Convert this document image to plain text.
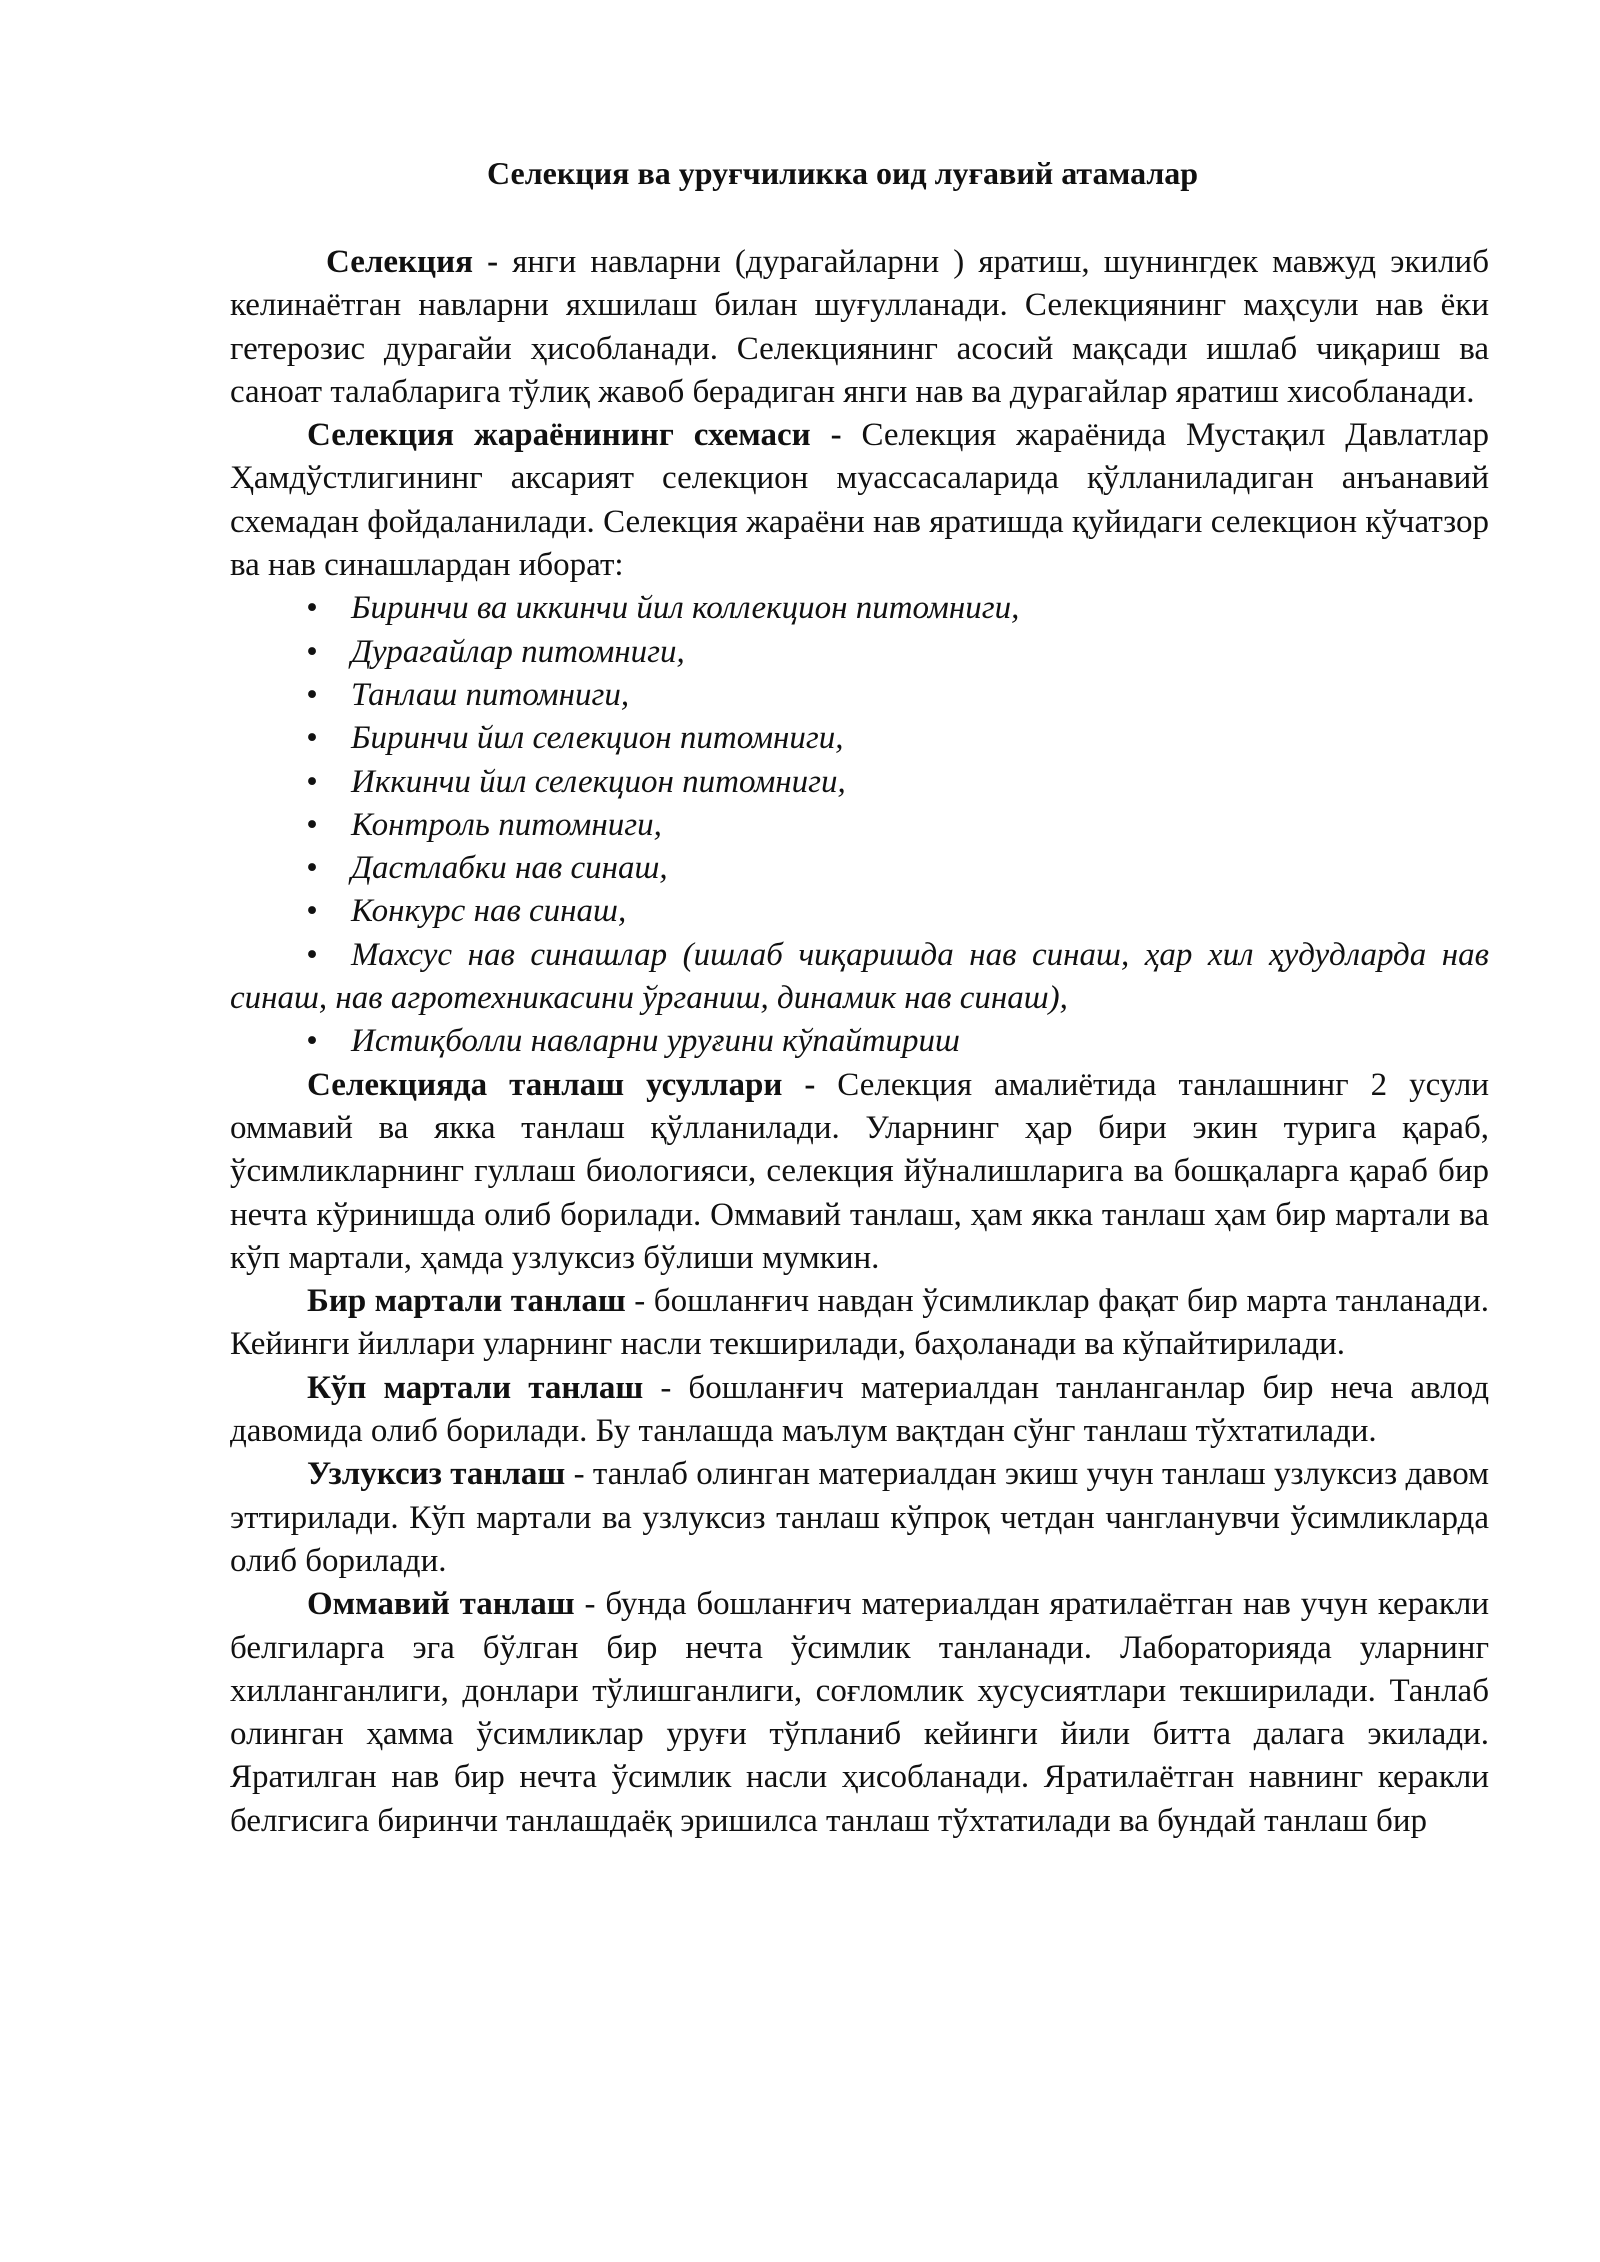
Селекция ва уруғчиликка оид луғавий атамалар

Селекция - янги навларни (дурагайларни ) яратиш, шунингдек мавжуд экилиб келинаётган навларни яхшилаш билан шуғулланади. Селекциянинг маҳсули нав ёки гетерозис дурагайи ҳисобланади. Селекциянинг асосий мақсади ишлаб чиқариш ва саноат талабларига тўлиқ жавоб берадиган янги нав ва дурагайлар яратиш хисобланади.

Селекция жараёнининг схемаси - Селекция жараёнида Мустақил Давлатлар Ҳамдўстлигининг аксарият селекцион муассасаларида қўлланиладиган анъанавий схемадан фойдаланилади. Селекция жараёни нав яратишда қуйидаги селекцион кўчатзор ва нав синашлардан иборат:

• Биринчи ва иккинчи йил коллекцион питомниги,
• Дурагайлар питомниги,
• Танлаш питомниги,
• Биринчи йил селекцион питомниги,
• Иккинчи йил селекцион питомниги,
• Контроль питомниги,
• Дастлабки нав синаш,
• Конкурс нав синаш,
• Махсус нав синашлар (ишлаб чиқаришда нав синаш, ҳар хил ҳудудларда нав синаш, нав агротехникасини ўрганиш, динамик нав синаш),
• Истиқболли навларни уруғини кўпайтириш

Селекцияда танлаш усуллари - Селекция амалиётида танлашнинг 2 усули оммавий ва якка танлаш қўлланилади. Уларнинг ҳар бири экин турига қараб, ўсимликларнинг гуллаш биологияси, селекция йўналишларига ва бошқаларга қараб бир нечта кўринишда олиб борилади. Оммавий танлаш, ҳам якка танлаш ҳам бир мартали ва кўп мартали, ҳамда узлуксиз бўлиши мумкин.

Бир мартали танлаш - бошланғич навдан ўсимликлар фақат бир марта танланади. Кейинги йиллари уларнинг насли текширилади, баҳоланади ва кўпайтирилади.

Кўп мартали танлаш - бошланғич материалдан танланганлар бир неча авлод давомида олиб борилади. Бу танлашда маълум вақтдан сўнг танлаш тўхтатилади.

Узлуксиз танлаш - танлаб олинган материалдан экиш учун танлаш узлуксиз давом эттирилади. Кўп мартали ва узлуксиз танлаш кўпроқ четдан чангланувчи ўсимликларда олиб борилади.

Оммавий танлаш - бунда бошланғич материалдан яратилаётган нав учун керакли белгиларга эга бўлган бир нечта ўсимлик танланади. Лабораторияда уларнинг хилланганлиги, донлари тўлишганлиги, соғломлик хусусиятлари текширилади. Танлаб олинган ҳамма ўсимликлар уруғи тўпланиб кейинги йили битта далага экилади. Яратилган нав бир нечта ўсимлик насли ҳисобланади. Яратилаётган навнинг керакли белгисига биринчи танлашдаёқ эришилса танлаш тўхтатилади ва бундай танлаш бир
